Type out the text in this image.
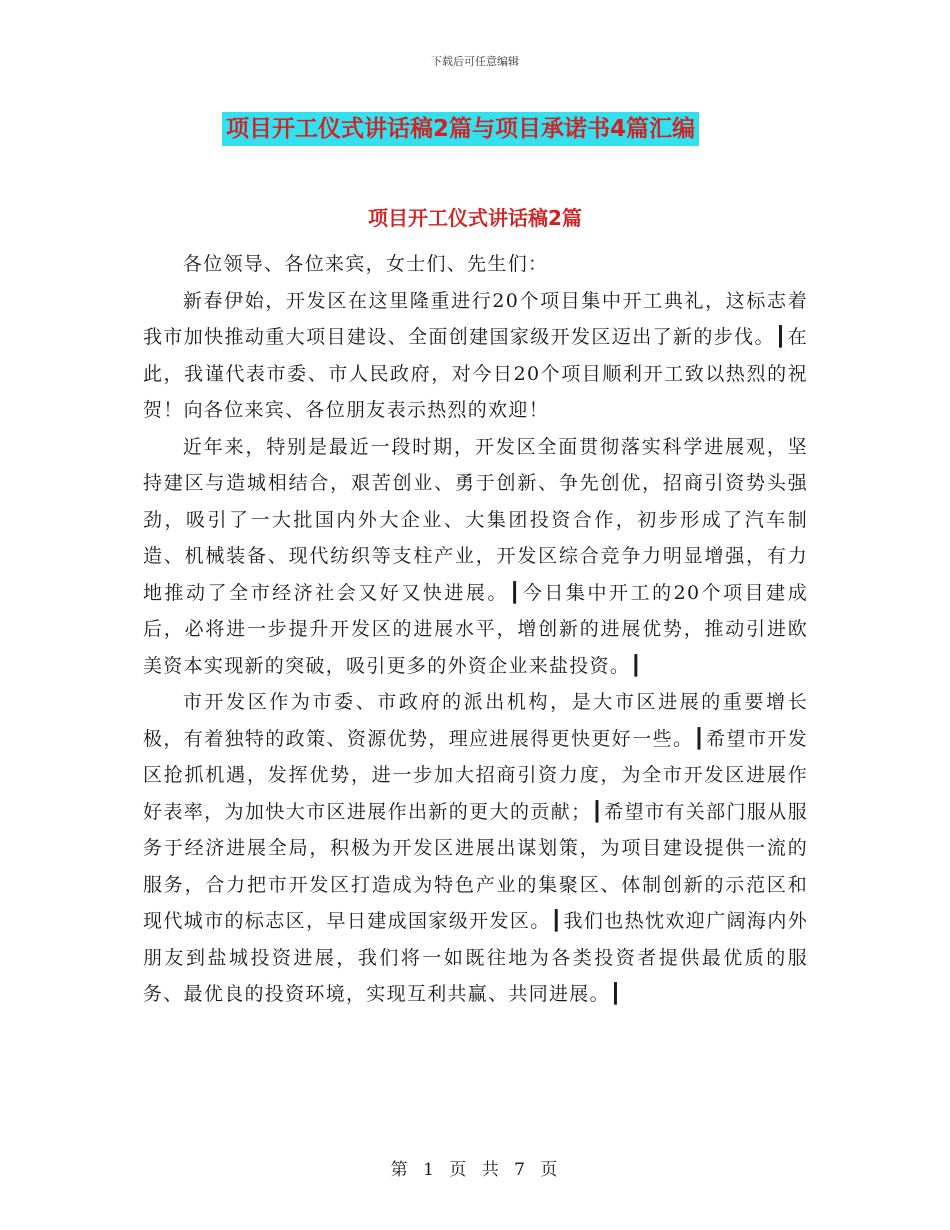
下载后可任意编辑
项目开工仪式讲话稿2篇与项目承诺书4篇汇编
项目开工仪式讲话稿2篇

各位领导、各位来宾，女士们、先生们：

新春伊始，开发区在这里隆重进行20个项目集中开工典礼，这标志着我市加快推动重大项目建设、全面创建国家级开发区迈出了新的步伐。┃在此，我谨代表市委、市人民政府，对今日20个项目顺利开工致以热烈的祝贺！向各位来宾、各位朋友表示热烈的欢迎！

近年来，特别是最近一段时期，开发区全面贯彻落实科学进展观，坚持建区与造城相结合，艰苦创业、勇于创新、争先创优，招商引资势头强劲，吸引了一大批国内外大企业、大集团投资合作，初步形成了汽车制造、机械装备、现代纺织等支柱产业，开发区综合竞争力明显增强，有力地推动了全市经济社会又好又快进展。┃今日集中开工的20个项目建成后，必将进一步提升开发区的进展水平，增创新的进展优势，推动引进欧美资本实现新的突破，吸引更多的外资企业来盐投资。┃

市开发区作为市委、市政府的派出机构，是大市区进展的重要增长极，有着独特的政策、资源优势，理应进展得更快更好一些。┃希望市开发区抢抓机遇，发挥优势，进一步加大招商引资力度，为全市开发区进展作好表率，为加快大市区进展作出新的更大的贡献；┃希望市有关部门服从服务于经济进展全局，积极为开发区进展出谋划策，为项目建设提供一流的服务，合力把市开发区打造成为特色产业的集聚区、体制创新的示范区和现代城市的标志区，早日建成国家级开发区。┃我们也热忱欢迎广阔海内外朋友到盐城投资进展，我们将一如既往地为各类投资者提供最优质的服务、最优良的投资环境，实现互利共赢、共同进展。┃

第 1 页 共 7 页
